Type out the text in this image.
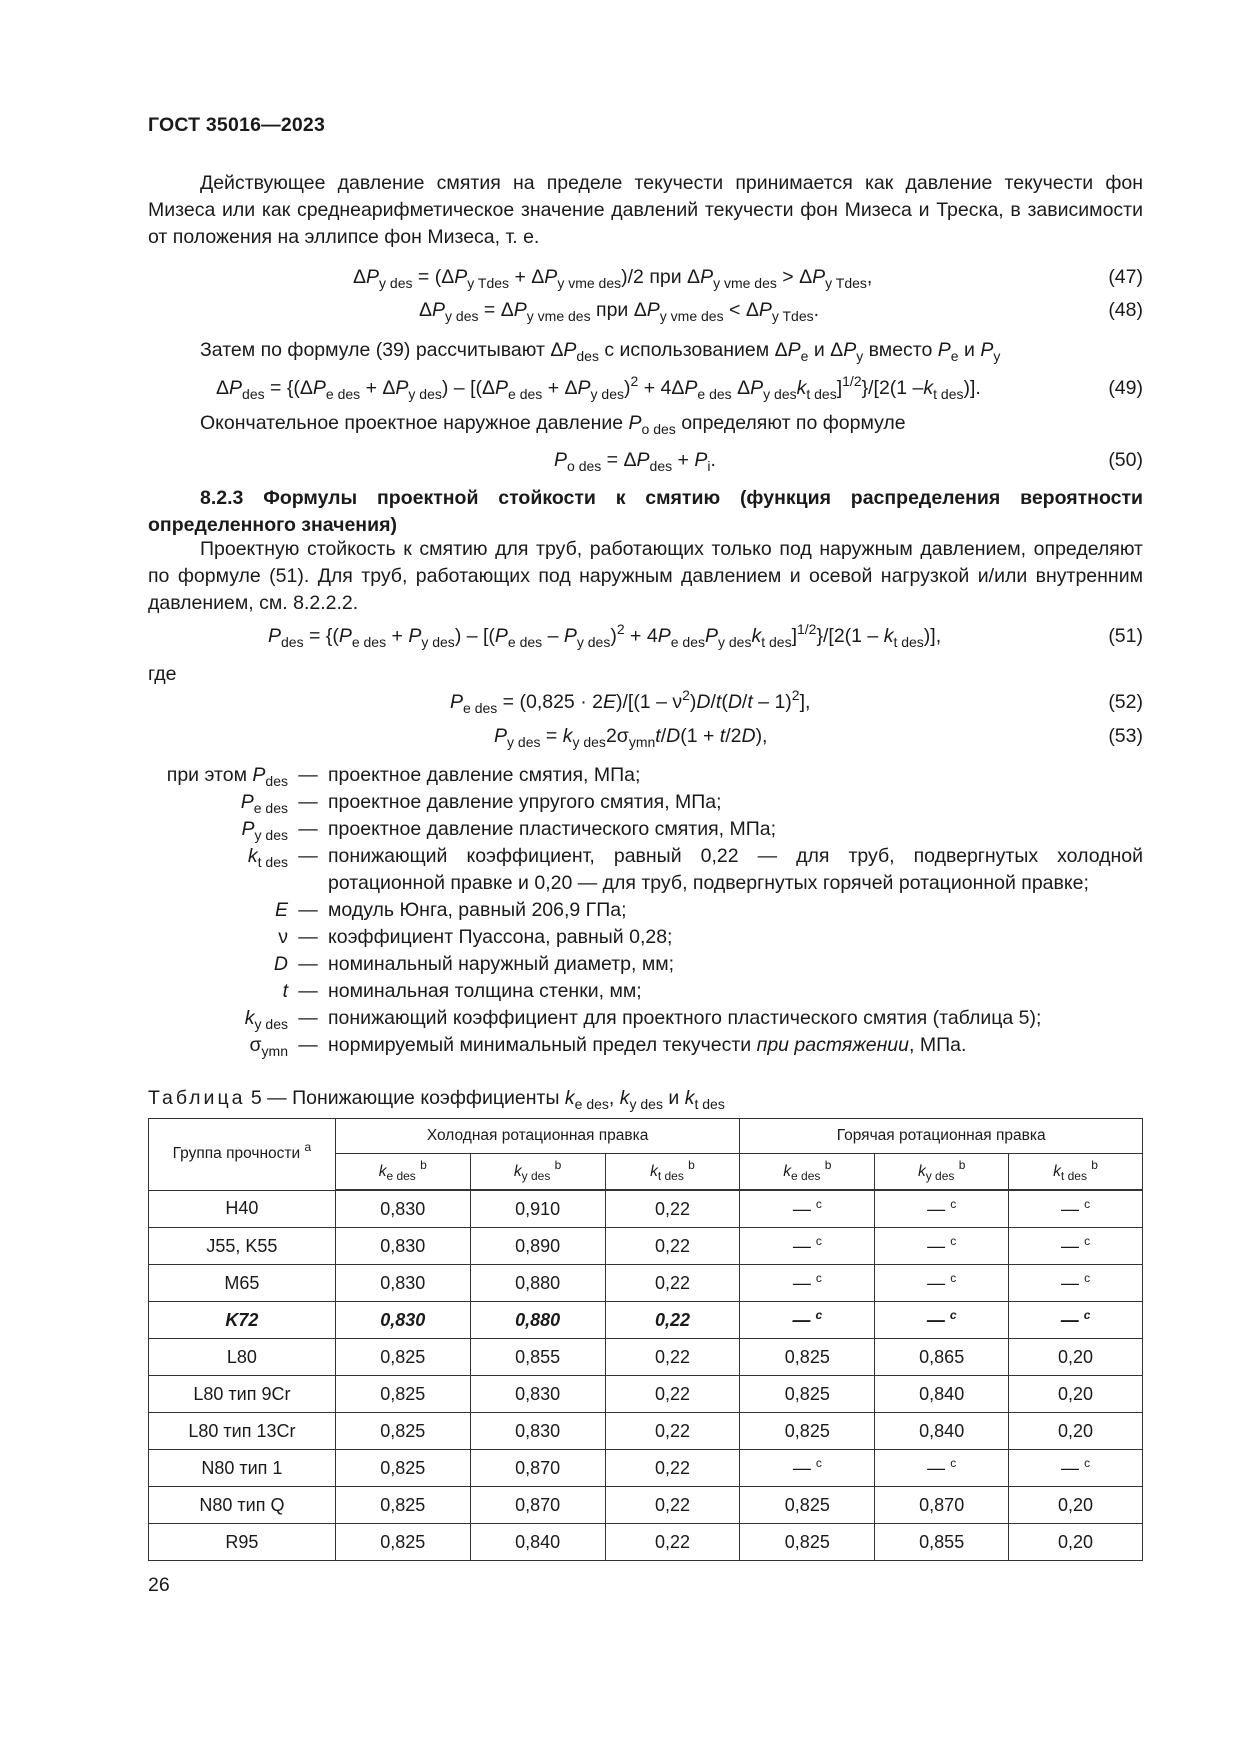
ГОСТ 35016—2023
Действующее давление смятия на пределе текучести принимается как давление текучести фон Мизеса или как среднеарифметическое значение давлений текучести фон Мизеса и Треска, в зависимости от положения на эллипсе фон Мизеса, т. е.
$\Delta P_{y des} = (\Delta P_{y Tdes} + \Delta P_{y vme des})/2$ при $\Delta P_{y vme des} > \Delta P_{y Tdes}$,	(47)
$\Delta P_{y des} = \Delta P_{y vme des}$ при $\Delta P_{y vme des} < \Delta P_{y Tdes}$.	(48)
Затем по формуле (39) рассчитывают $\Delta P_{des}$ с использованием $\Delta P_e$ и $\Delta P_y$ вместо $P_e$ и $P_y$
$\Delta P_{des} = \{(\Delta P_{e des} + \Delta P_{y des}) - [(\Delta P_{e des} + \Delta P_{y des})^2 + 4\Delta P_{e des}$ $\Delta P_{y des}k_{t des}]^{1/2}\}/[2(1$ $-k_{t des}$)].	(49)
Окончательное проектное наружное давление $P_{o des}$ определяют по формуле
$P_{o des} = \Delta P_{des} + P_i$.	(50)
8.2.3 Формулы проектной стойкости к смятию (функция распределения вероятности определенного значения)
Проектную стойкость к смятию для труб, работающих только под наружным давлением, определяют по формуле (51). Для труб, работающих под наружным давлением и осевой нагрузкой и/или внутренним давлением, см. 8.2.2.2.
$P_{des} = \{(P_{e des} + P_{y des}) - [(P_{e des} - P_{y des})^2 + 4P_{e des}P_{y des}k_{t des}]^{1/2}\}/[2(1 - k_{t des})]$,	(51)
где
$P_{e des} = (0,825 \cdot 2E)/[(1 - \nu^2)D/t(D/t - 1)^2]$,	(52)
$P_{y des} = k_{y des}2\sigma_{ymn}t/D(1 + t/2D)$,	(53)
при этом $P_{des}$ — проектное давление смятия, МПа;
$P_{e des}$ — проектное давление упругого смятия, МПа;
$P_{y des}$ — проектное давление пластического смятия, МПа;
$k_{t des}$ — понижающий коэффициент, равный 0,22 — для труб, подвергнутых холодной ротационной правке и 0,20 — для труб, подвергнутых горячей ротационной правке;
E — модуль Юнга, равный 206,9 ГПа;
ν — коэффициент Пуассона, равный 0,28;
D — номинальный наружный диаметр, мм;
t — номинальная толщина стенки, мм;
$k_{y des}$ — понижающий коэффициент для проектного пластического смятия (таблица 5);
$\sigma_{ymn}$ — нормируемый минимальный предел текучести при растяжении, МПа.
Таблица 5 — Понижающие коэффициенты $k_{e des}$, $k_{y des}$ и $k_{t des}$
Группа прочности $^a$	Холодная ротационная правка			Горячая ротационная правка		
	$k_{e des}$ $^b$	$k_{y des}$ $^b$	$k_{t des}$ $^b$	$k_{e des}$ $^b$	$k_{y des}$ $^b$	$k_{t des}$ $^b$
H40	0,830	0,910	0,22	— $^c$	— $^c$	— $^c$
J55, K55	0,830	0,890	0,22	— $^c$	— $^c$	— $^c$
M65	0,830	0,880	0,22	— $^c$	— $^c$	— $^c$
K72	0,830	0,880	0,22	— $^c$	— $^c$	— $^c$
L80	0,825	0,855	0,22	0,825	0,865	0,20
L80 тип 9Cr	0,825	0,830	0,22	0,825	0,840	0,20
L80 тип 13Cr	0,825	0,830	0,22	0,825	0,840	0,20
N80 тип 1	0,825	0,870	0,22	— $^c$	— $^c$	— $^c$
N80 тип Q	0,825	0,870	0,22	0,825	0,870	0,20
R95	0,825	0,840	0,22	0,825	0,855	0,20
26
